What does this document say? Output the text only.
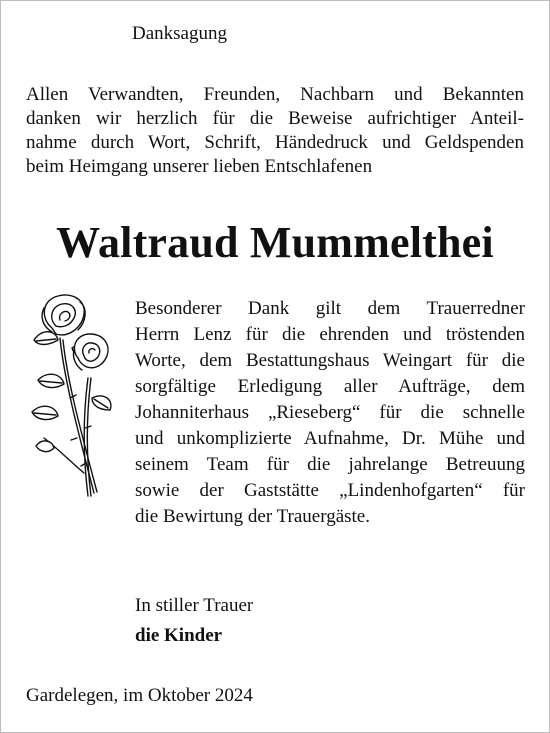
Danksagung
Allen Verwandten, Freunden, Nachbarn und Bekannten
danken wir herzlich für die Beweise aufrichtiger Anteil-
nahme durch Wort, Schrift, Händedruck und Geldspenden
beim Heimgang unserer lieben Entschlafenen
Waltraud Mummelthei
Besonderer Dank gilt dem Trauerredner
Herrn Lenz für die ehrenden und tröstenden
Worte, dem Bestattungshaus Weingart für die
sorgfältige Erledigung aller Aufträge, dem
Johanniterhaus „Rieseberg“ für die schnelle
und unkomplizierte Aufnahme, Dr. Mühe und
seinem Team für die jahrelange Betreuung
sowie der Gaststätte „Lindenhofgarten“ für
die Bewirtung der Trauergäste.
In stiller Trauer
die Kinder
Gardelegen, im Oktober 2024
